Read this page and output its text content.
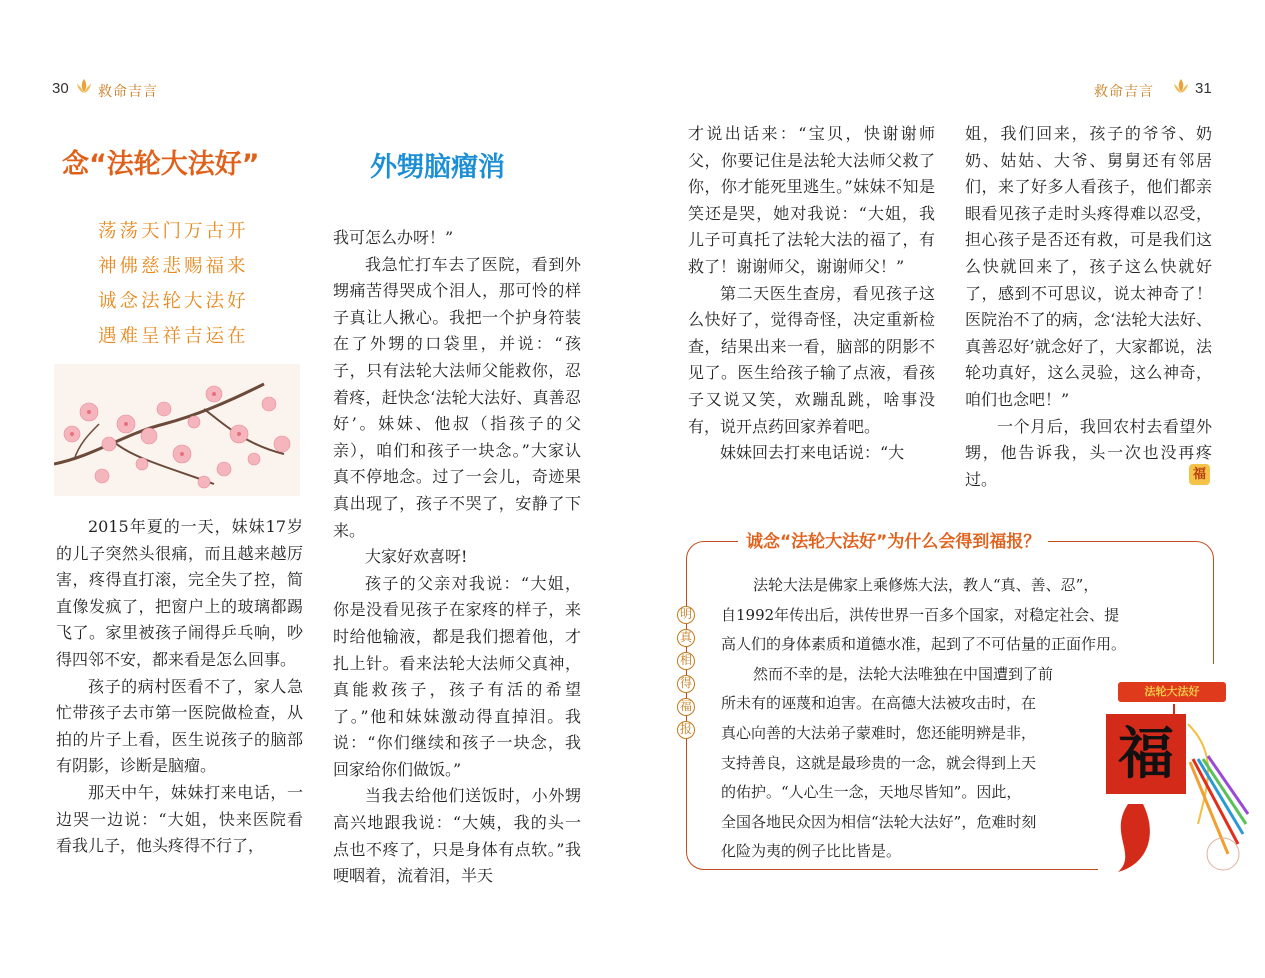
30 救命吉言
念“法轮大法好”	外甥脑瘤消
荡荡天门万古开
神佛慈悲赐福来
诚念法轮大法好
遇难呈祥吉运在

2015年夏的一天，妹妹17岁的儿子突然头很痛，而且越来越厉害，疼得直打滚，完全失了控，简直像发疯了，把窗户上的玻璃都踢飞了。家里被孩子闹得乒乓响，吵得四邻不安，都来看是怎么回事。

孩子的病村医看不了，家人急忙带孩子去市第一医院做检查，从拍的片子上看，医生说孩子的脑部有阴影，诊断是脑瘤。

那天中午，妹妹打来电话，一边哭一边说：“大姐，快来医院看看我儿子，他头疼得不行了，

我可怎么办呀！”

我急忙打车去了医院，看到外甥痛苦得哭成个泪人，那可怜的样子真让人揪心。我把一个护身符装在了外甥的口袋里，并说：“孩子，只有法轮大法师父能救你，忍着疼，赶快念‘法轮大法好、真善忍好’。妹妹、他叔（指孩子的父亲），咱们和孩子一块念。”大家认真不停地念。过了一会儿，奇迹果真出现了，孩子不哭了，安静了下来。

大家好欢喜呀!

孩子的父亲对我说：“大姐，你是没看见孩子在家疼的样子，来时给他输液，都是我们摁着他，才扎上针。看来法轮大法师父真神，真能救孩子，孩子有活的希望了。”他和妹妹激动得直掉泪。我说：“你们继续和孩子一块念，我回家给你们做饭。”

当我去给他们送饭时，小外甥高兴地跟我说：“大姨，我的头一点也不疼了，只是身体有点软。”我哽咽着，流着泪，半天

救命吉言	31

才说出话来：“宝贝，快谢谢师父，你要记住是法轮大法师父救了你，你才能死里逃生。”妹妹不知是笑还是哭，她对我说：“大姐，我儿子可真托了法轮大法的福了，有救了！谢谢师父，谢谢师父！”

第二天医生查房，看见孩子这么快好了，觉得奇怪，决定重新检查，结果出来一看，脑部的阴影不见了。医生给孩子输了点液，看孩子又说又笑，欢蹦乱跳，啥事没有，说开点药回家养着吧。

妹妹回去打来电话说：“大

姐，我们回来，孩子的爷爷、奶奶、姑姑、大爷、舅舅还有邻居们，来了好多人看孩子，他们都亲眼看见孩子走时头疼得难以忍受，担心孩子是否还有救，可是我们这么快就回来了，孩子这么快就好了，感到不可思议，说太神奇了！医院治不了的病，念‘法轮大法好、真善忍好’就念好了，大家都说，法轮功真好，这么灵验，这么神奇，咱们也念吧！”

一个月后，我回农村去看望外甥，他告诉我，头一次也没再疼过。	福
诚念“法轮大法好”为什么会得到福报？
明
真
相
得
福
报

法轮大法是佛家上乘修炼大法，教人“真、善、忍”，

自1992年传出后，洪传世界一百多个国家，对稳定社会、提

高人们的身体素质和道德水准，起到了不可估量的正面作用。

然而不幸的是，法轮大法唯独在中国遭到了前

所未有的诬蔑和迫害。在高德大法被攻击时，在

真心向善的大法弟子蒙难时，您还能明辨是非，

支持善良，这就是最珍贵的一念，就会得到上天

的佑护。“人心生一念，天地尽皆知”。因此，

全国各地民众因为相信“法轮大法好”，危难时刻

化险为夷的例子比比皆是。

法轮大法好
福
